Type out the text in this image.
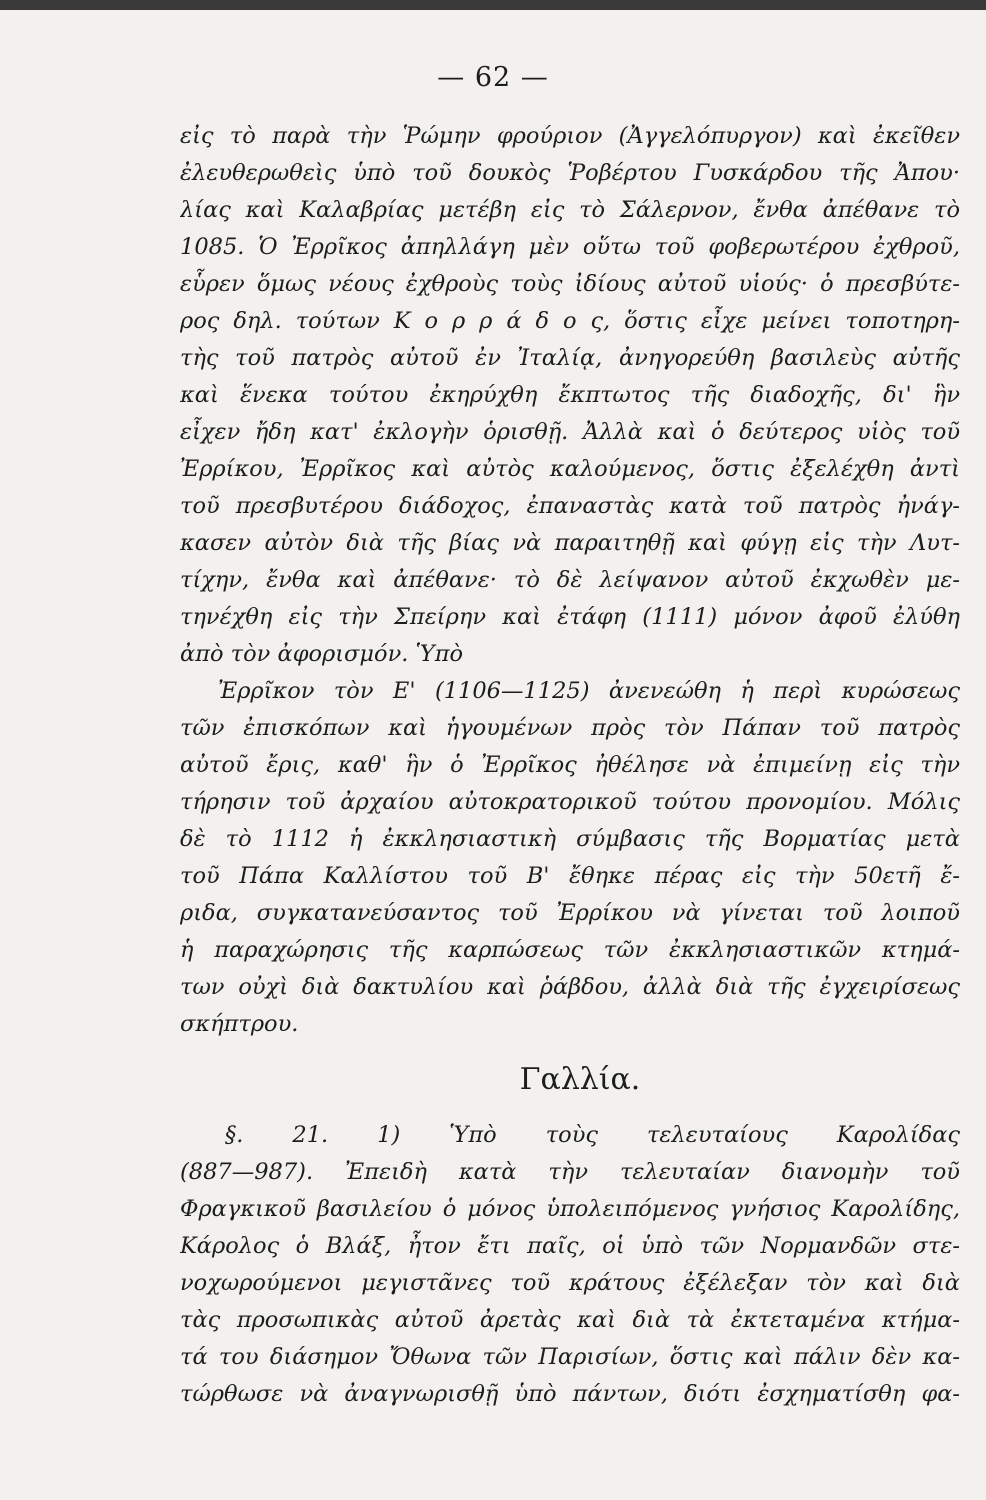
— 62 —
εἰς τὸ παρὰ τὴν Ῥώμην φρούριον (Ἀγγελόπυργον) καὶ ἐκεῖθεν
ἐλευθερωθεὶς ὑπὸ τοῦ δουκὸς Ῥοβέρτου Γυσκάρδου τῆς Ἀπου·
λίας καὶ Καλαβρίας μετέβη εἰς τὸ Σάλερνον, ἔνθα ἀπέθανε τὸ
1085. Ὁ Ἐρρῖκος ἀπηλλάγη μὲν οὕτω τοῦ φοβερωτέρου ἐχθροῦ,
εὗρεν ὅμως νέους ἐχθροὺς τοὺς ἰδίους αὐτοῦ υἱούς· ὁ πρεσβύτε-
ρος δηλ. τούτων Κ ο ρ ρ ά δ ο ς, ὅστις εἶχε μείνει τοποτηρη-
τὴς τοῦ πατρὸς αὐτοῦ ἐν Ἰταλίᾳ, ἀνηγορεύθη βασιλεὺς αὐτῆς
καὶ ἕνεκα τούτου ἐκηρύχθη ἔκπτωτος τῆς διαδοχῆς, δι' ἣν
εἶχεν ἤδη κατ' ἐκλογὴν ὁρισθῇ. Ἀλλὰ καὶ ὁ δεύτερος υἱὸς τοῦ
Ἐρρίκου, Ἐρρῖκος καὶ αὐτὸς καλούμενος, ὅστις ἐξελέχθη ἀντὶ
τοῦ πρεσβυτέρου διάδοχος, ἐπαναστὰς κατὰ τοῦ πατρὸς ἠνάγ-
κασεν αὐτὸν διὰ τῆς βίας νὰ παραιτηθῇ καὶ φύγῃ εἰς τὴν Λυτ-
τίχην, ἔνθα καὶ ἀπέθανε· τὸ δὲ λείψανον αὐτοῦ ἐκχωθὲν με-
τηνέχθη εἰς τὴν Σπείρην καὶ ἐτάφη (1111) μόνον ἀφοῦ ἐλύθη
ἀπὸ τὸν ἀφορισμόν. Ὑπὸ
Ἐρρῖκον τὸν Ε' (1106—1125) ἀνενεώθη ἡ περὶ κυρώσεως
τῶν ἐπισκόπων καὶ ἡγουμένων πρὸς τὸν Πάπαν τοῦ πατρὸς
αὐτοῦ ἔρις, καθ' ἣν ὁ Ἐρρῖκος ἠθέλησε νὰ ἐπιμείνῃ εἰς τὴν
τήρησιν τοῦ ἀρχαίου αὐτοκρατορικοῦ τούτου προνομίου. Μόλις
δὲ τὸ 1112 ἡ ἐκκλησιαστικὴ σύμβασις τῆς Βορματίας μετὰ
τοῦ Πάπα Καλλίστου τοῦ Β' ἔθηκε πέρας εἰς τὴν 50ετῆ ἔ-
ριδα, συγκατανεύσαντος τοῦ Ἐρρίκου νὰ γίνεται τοῦ λοιποῦ
ἡ παραχώρησις τῆς καρπώσεως τῶν ἐκκλησιαστικῶν κτημά-
των οὐχὶ διὰ δακτυλίου καὶ ῥάβδου, ἀλλὰ διὰ τῆς ἐγχειρίσεως
σκήπτρου.
Γαλλία.
§. 21. 1) Ὑπὸ τοὺς τελευταίους Καρολίδας
(887—987). Ἐπειδὴ κατὰ τὴν τελευταίαν διανομὴν τοῦ
Φραγκικοῦ βασιλείου ὁ μόνος ὑπολειπόμενος γνήσιος Καρολίδης,
Κάρολος ὁ Βλάξ, ἦτον ἔτι παῖς, οἱ ὑπὸ τῶν Νορμανδῶν στε-
νοχωρούμενοι μεγιστᾶνες τοῦ κράτους ἐξέλεξαν τὸν καὶ διὰ
τὰς προσωπικὰς αὐτοῦ ἀρετὰς καὶ διὰ τὰ ἐκτεταμένα κτήμα-
τά του διάσημον Ὄθωνα τῶν Παρισίων, ὅστις καὶ πάλιν δὲν κα-
τώρθωσε νὰ ἀναγνωρισθῇ ὑπὸ πάντων, διότι ἐσχηματίσθη φα-
